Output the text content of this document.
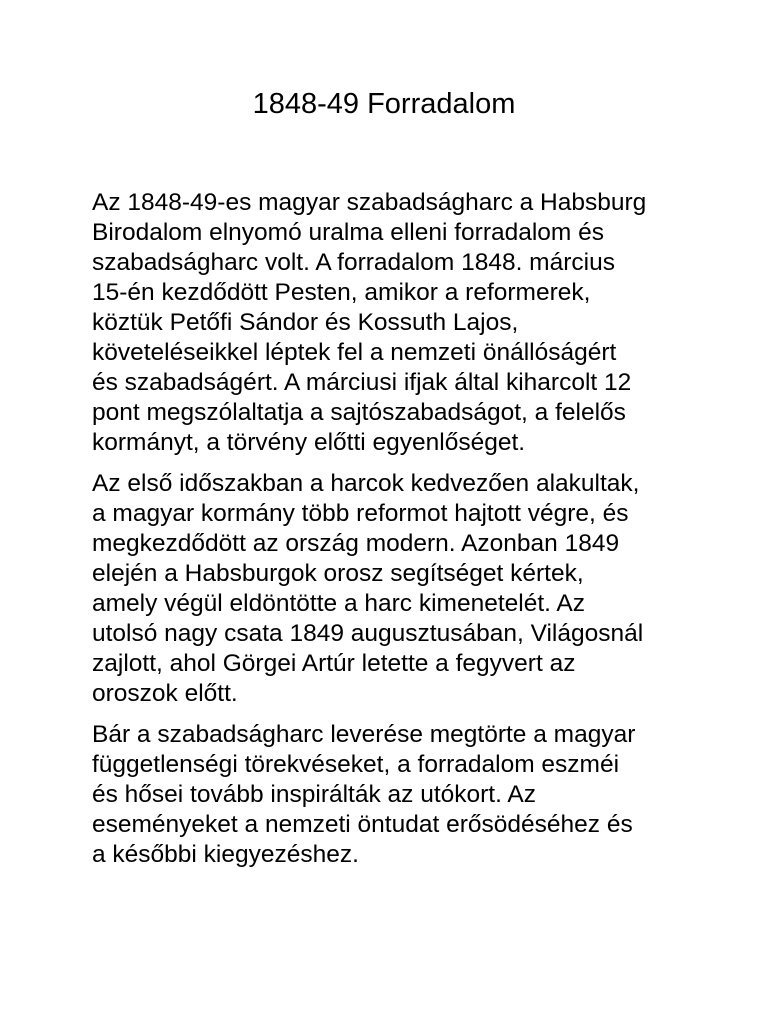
1848-49 Forradalom

Az 1848-49-es magyar szabadságharc a Habsburg
Birodalom elnyomó uralma elleni forradalom és
szabadságharc volt. A forradalom 1848. március
15-én kezdődött Pesten, amikor a reformerek,
köztük Petőfi Sándor és Kossuth Lajos,
követeléseikkel léptek fel a nemzeti önállóságért
és szabadságért. A márciusi ifjak által kiharcolt 12
pont megszólaltatja a sajtószabadságot, a felelős
kormányt, a törvény előtti egyenlőséget.

Az első időszakban a harcok kedvezően alakultak,
a magyar kormány több reformot hajtott végre, és
megkezdődött az ország modern. Azonban 1849
elején a Habsburgok orosz segítséget kértek,
amely végül eldöntötte a harc kimenetelét. Az
utolsó nagy csata 1849 augusztusában, Világosnál
zajlott, ahol Görgei Artúr letette a fegyvert az
oroszok előtt.

Bár a szabadságharc leverése megtörte a magyar
függetlenségi törekvéseket, a forradalom eszméi
és hősei tovább inspirálták az utókort. Az
eseményeket a nemzeti öntudat erősödéséhez és
a későbbi kiegyezéshez.
